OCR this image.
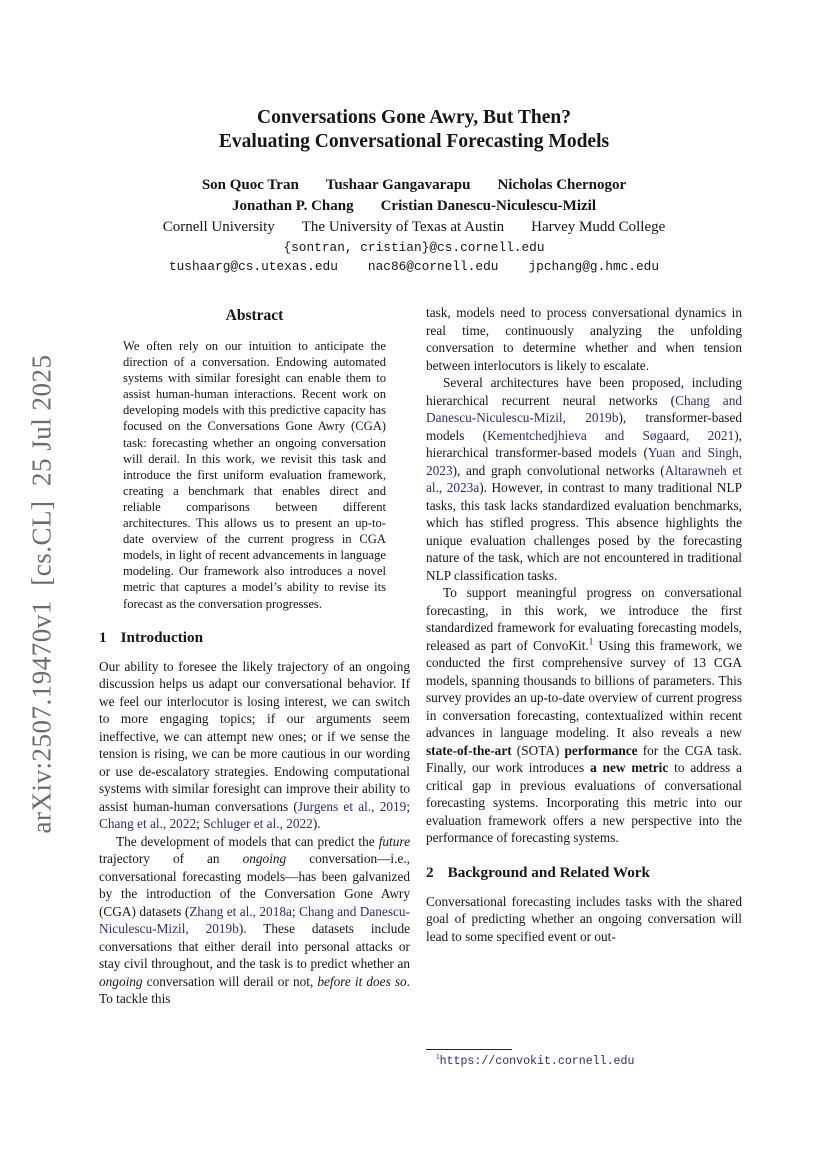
arXiv:2507.19470v1  [cs.CL]  25 Jul 2025
Conversations Gone Awry, But Then?
Evaluating Conversational Forecasting Models
Son Quoc Tran Tushaar Gangavarapu Nicholas Chernogor
Jonathan P. Chang Cristian Danescu-Niculescu-Mizil
Cornell University The University of Texas at Austin Harvey Mudd College
{sontran, cristian}@cs.cornell.edu
tushaarg@cs.utexas.edu nac86@cornell.edu jpchang@g.hmc.edu
Abstract

We often rely on our intuition to anticipate the direction of a conversation. Endowing automated systems with similar foresight can enable them to assist human-human interactions. Recent work on developing models with this predictive capacity has focused on the Conversations Gone Awry (CGA) task: forecasting whether an ongoing conversation will derail. In this work, we revisit this task and introduce the first uniform evaluation framework, creating a benchmark that enables direct and reliable comparisons between different architectures. This allows us to present an up-to-date overview of the current progress in CGA models, in light of recent advancements in language modeling. Our framework also introduces a novel metric that captures a model’s ability to revise its forecast as the conversation progresses.

1 Introduction

Our ability to foresee the likely trajectory of an ongoing discussion helps us adapt our conversational behavior. If we feel our interlocutor is losing interest, we can switch to more engaging topics; if our arguments seem ineffective, we can attempt new ones; or if we sense the tension is rising, we can be more cautious in our wording or use de-escalatory strategies. Endowing computational systems with similar foresight can improve their ability to assist human-human conversations (Jurgens et al., 2019; Chang et al., 2022; Schluger et al., 2022).

The development of models that can predict the future trajectory of an ongoing conversation—i.e., conversational forecasting models—has been galvanized by the introduction of the Conversation Gone Awry (CGA) datasets (Zhang et al., 2018a; Chang and Danescu-Niculescu-Mizil, 2019b). These datasets include conversations that either derail into personal attacks or stay civil throughout, and the task is to predict whether an ongoing conversation will derail or not, before it does so. To tackle this

task, models need to process conversational dynamics in real time, continuously analyzing the unfolding conversation to determine whether and when tension between interlocutors is likely to escalate.

Several architectures have been proposed, including hierarchical recurrent neural networks (Chang and Danescu-Niculescu-Mizil, 2019b), transformer-based models (Kementchedjhieva and Søgaard, 2021), hierarchical transformer-based models (Yuan and Singh, 2023), and graph convolutional networks (Altarawneh et al., 2023a). However, in contrast to many traditional NLP tasks, this task lacks standardized evaluation benchmarks, which has stifled progress. This absence highlights the unique evaluation challenges posed by the forecasting nature of the task, which are not encountered in traditional NLP classification tasks.

To support meaningful progress on conversational forecasting, in this work, we introduce the first standardized framework for evaluating forecasting models, released as part of ConvoKit.$^1$ Using this framework, we conducted the first comprehensive survey of 13 CGA models, spanning thousands to billions of parameters. This survey provides an up-to-date overview of current progress in conversation forecasting, contextualized within recent advances in language modeling. It also reveals a new state-of-the-art (SOTA) performance for the CGA task. Finally, our work introduces a new metric to address a critical gap in previous evaluations of conversational forecasting systems. Incorporating this metric into our evaluation framework offers a new perspective into the performance of forecasting systems.

2 Background and Related Work

Conversational forecasting includes tasks with the shared goal of predicting whether an ongoing conversation will lead to some specified event or out-

$^1$https://convokit.cornell.edu
